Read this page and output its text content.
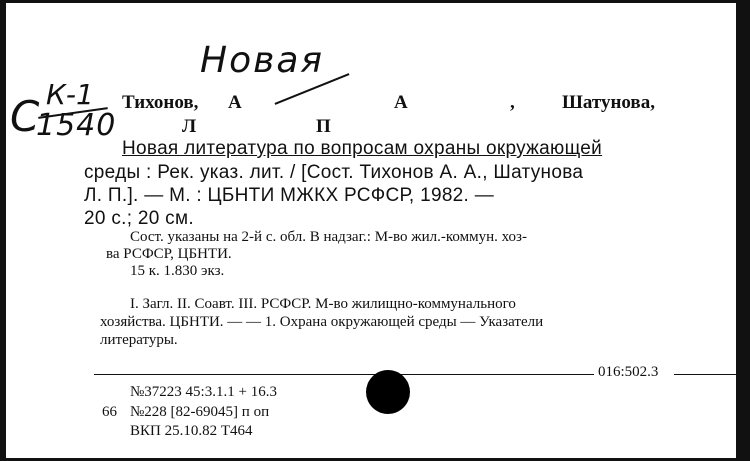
Новая
С К-1
1540
Тихонов, А	А	, Шатунова,
Л	П
Новая литература по вопросам охраны окружающей
среды : Рек. указ. лит. / [Сост. Тихонов А. А., Шатунова
Л. П.]. — М. : ЦБНТИ МЖКХ РСФСР, 1982. —
20 с.; 20 см.
Сост. указаны на 2-й с. обл. В надзаг.: М-во жил.-коммун. хоз-
ва РСФСР, ЦБНТИ.
15 к. 1.830 экз.
I. Загл. II. Соавт. III. РСФСР. М-во жилищно-коммунального
хозяйства. ЦБНТИ. — — 1. Охрана окружающей среды — Указатели
литературы.
016:502.3
№37223 45:3.1.1 + 16.3
66 №228 [82-69045] п оп
ВКП 25.10.82 Т464
